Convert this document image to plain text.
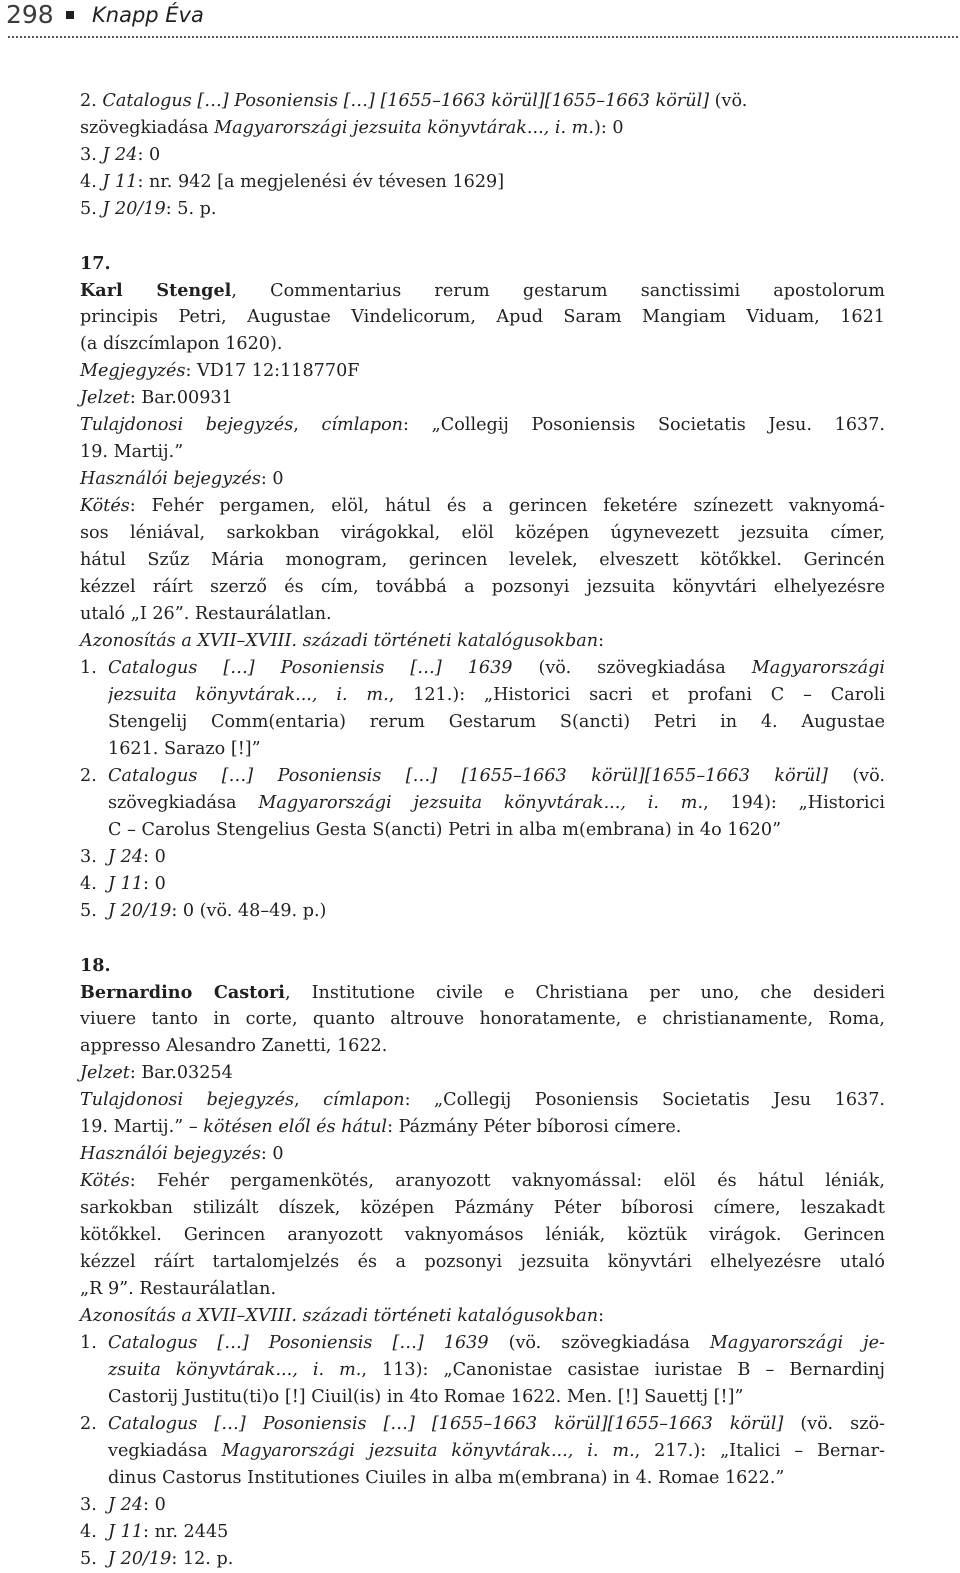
298 Knapp Éva
2. Catalogus […] Posoniensis […] [1655–1663 körül][1655–1663 körül] (vö.
szövegkiadása Magyarországi jezsuita könyvtárak..., i. m.): 0
3. J 24: 0
4. J 11: nr. 942 [a megjelenési év tévesen 1629]
5. J 20/19: 5. p.
17.
Karl Stengel, Commentarius rerum gestarum sanctissimi apostolorum
principis Petri, Augustae Vindelicorum, Apud Saram Mangiam Viduam, 1621
(a díszcímlapon 1620).
Megjegyzés: VD17 12:118770F
Jelzet: Bar.00931
Tulajdonosi bejegyzés, címlapon: „Collegij Posoniensis Societatis Jesu. 1637.
19. Martij.”
Használói bejegyzés: 0
Kötés: Fehér pergamen, elöl, hátul és a gerincen feketére színezett vaknyomá-
sos léniával, sarkokban virágokkal, elöl középen úgynevezett jezsuita címer,
hátul Szűz Mária monogram, gerincen levelek, elveszett kötőkkel. Gerincén
kézzel ráírt szerző és cím, továbbá a pozsonyi jezsuita könyvtári elhelyezésre
utaló „I 26”. Restaurálatlan.
Azonosítás a XVII–XVIII. századi történeti katalógusokban:
1. Catalogus […] Posoniensis […] 1639 (vö. szövegkiadása Magyarországi
jezsuita könyvtárak..., i. m., 121.): „Historici sacri et profani C – Caroli
Stengelij Comm(entaria) rerum Gestarum S(ancti) Petri in 4. Augustae
1621. Sarazo [!]”
2. Catalogus […] Posoniensis […] [1655–1663 körül][1655–1663 körül] (vö.
szövegkiadása Magyarországi jezsuita könyvtárak..., i. m., 194): „Historici
C – Carolus Stengelius Gesta S(ancti) Petri in alba m(embrana) in 4o 1620”
3. J 24: 0
4. J 11: 0
5. J 20/19: 0 (vö. 48–49. p.)
18.
Bernardino Castori, Institutione civile e Christiana per uno, che desideri
viuere tanto in corte, quanto altrouve honoratamente, e christianamente, Roma,
appresso Alesandro Zanetti, 1622.
Jelzet: Bar.03254
Tulajdonosi bejegyzés, címlapon: „Collegij Posoniensis Societatis Jesu 1637.
19. Martij.” – kötésen elől és hátul: Pázmány Péter bíborosi címere.
Használói bejegyzés: 0
Kötés: Fehér pergamenkötés, aranyozott vaknyomással: elöl és hátul léniák,
sarkokban stilizált díszek, középen Pázmány Péter bíborosi címere, leszakadt
kötőkkel. Gerincen aranyozott vaknyomásos léniák, köztük virágok. Gerincen
kézzel ráírt tartalomjelzés és a pozsonyi jezsuita könyvtári elhelyezésre utaló
„R 9”. Restaurálatlan.
Azonosítás a XVII–XVIII. századi történeti katalógusokban:
1. Catalogus […] Posoniensis […] 1639 (vö. szövegkiadása Magyarországi je-
zsuita könyvtárak..., i. m., 113): „Canonistae casistae iuristae B – Bernardinj
Castorij Justitu(ti)o [!] Ciuil(is) in 4to Romae 1622. Men. [!] Sauettj [!]”
2. Catalogus […] Posoniensis […] [1655–1663 körül][1655–1663 körül] (vö. szö-
vegkiadása Magyarországi jezsuita könyvtárak..., i. m., 217.): „Italici – Bernar-
dinus Castorus Institutiones Ciuiles in alba m(embrana) in 4. Romae 1622.”
3. J 24: 0
4. J 11: nr. 2445
5. J 20/19: 12. p.
